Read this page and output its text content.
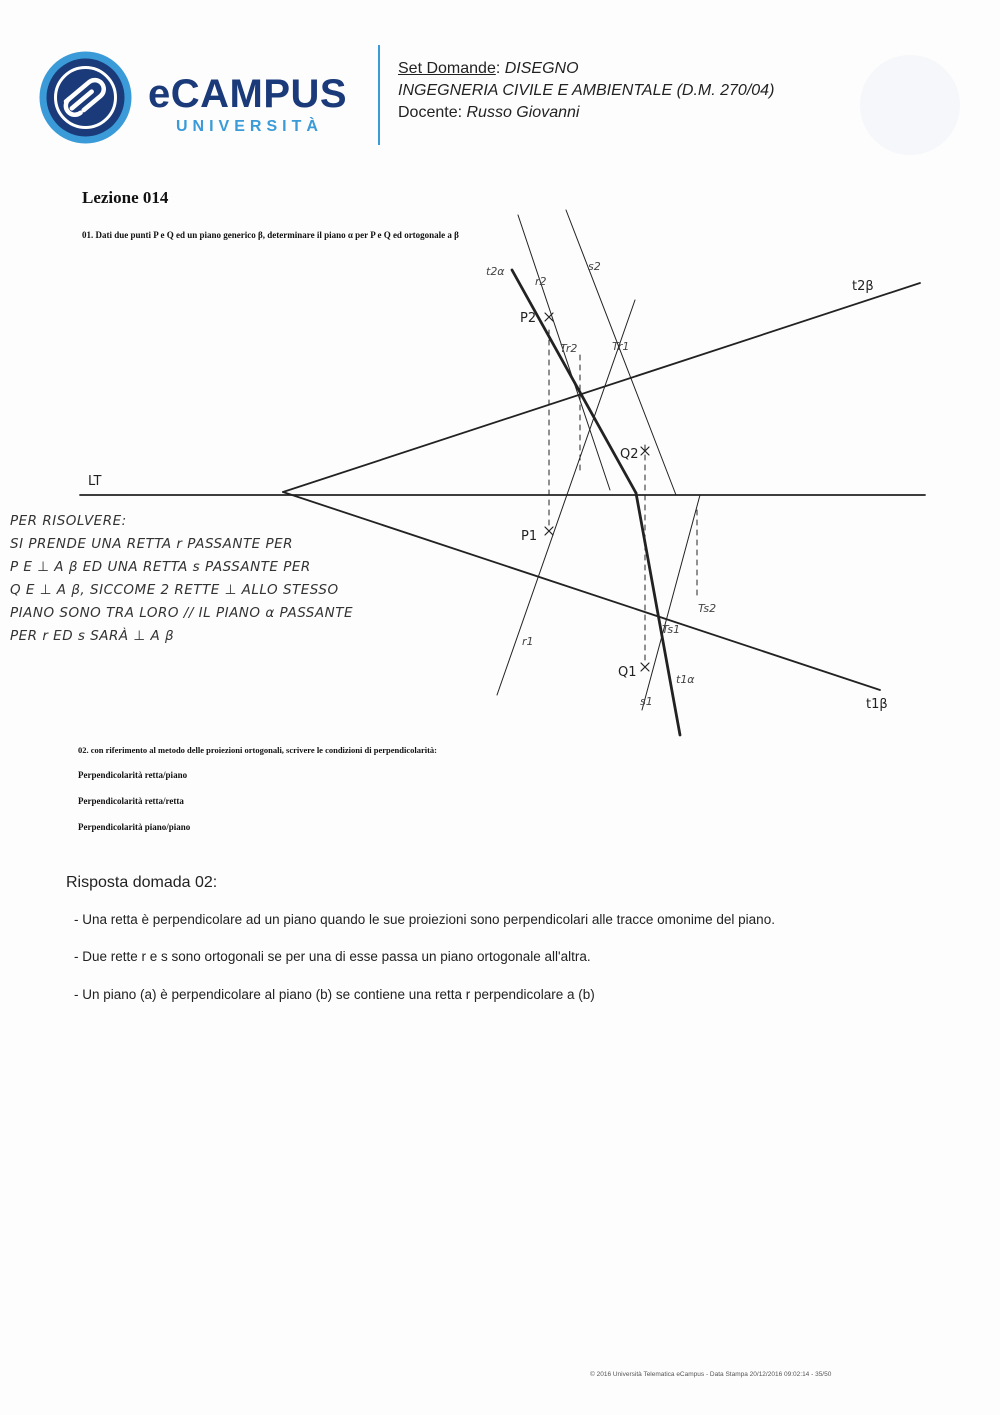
eCAMPUS
UNIVERSITÀ
Set Domande: DISEGNO
INGEGNERIA CIVILE E AMBIENTALE (D.M. 270/04)
Docente: Russo Giovanni
Lezione 014
01. Dati due punti P e Q ed un piano generico β, determinare il piano α per P e Q ed ortogonale a β
LT
t2β
t1β
P2
P1
Q2
Q1
t2α
r2
s2
Tr2	Tr1
r1
Ts2
Ts1
s1
t1α
PER RISOLVERE:
SI PRENDE UNA RETTA r PASSANTE PER
P E ⊥ A β ED UNA RETTA s PASSANTE PER
Q E ⊥ A β, SICCOME 2 RETTE ⊥ ALLO STESSO
PIANO SONO TRA LORO // IL PIANO α PASSANTE
PER r ED s SARÀ ⊥ A β
02. con riferimento al metodo delle proiezioni ortogonali, scrivere le condizioni di perpendicolarità:
Perpendicolarità retta/piano
Perpendicolarità retta/retta
Perpendicolarità piano/piano
Risposta domada 02:
- Una retta è perpendicolare ad un piano quando le sue proiezioni sono perpendicolari alle tracce omonime del piano.
- Due rette r e s sono ortogonali se per una di esse passa un piano ortogonale all'altra.
- Un piano (a) è perpendicolare al piano (b) se contiene una retta r perpendicolare a (b)
© 2016 Università Telematica eCampus - Data Stampa 20/12/2016 09:02:14 - 35/50
